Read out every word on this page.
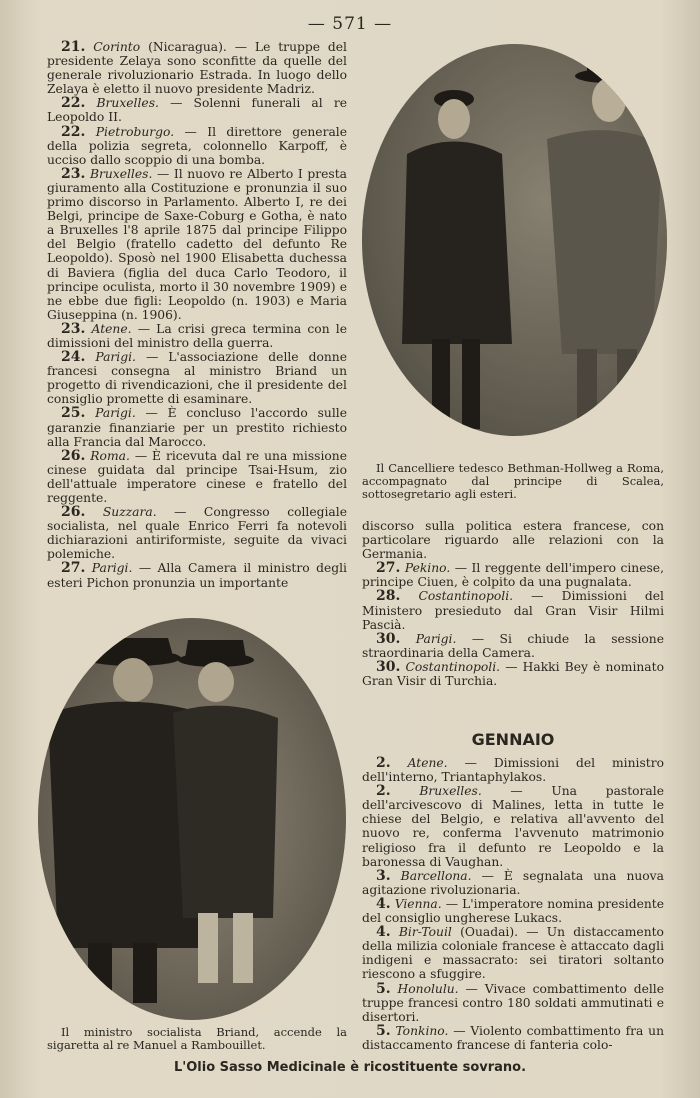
— 571 —

21. Corinto (Nicaragua). — Le truppe del presidente Zelaya sono sconfitte da quelle del generale rivoluzionario Estrada. In luogo dello Zelaya è eletto il nuovo presidente Madriz.

22. Bruxelles. — Solenni funerali al re Leopoldo II.

22. Pietroburgo. — Il direttore generale della polizia segreta, colonnello Karpoff, è ucciso dallo scoppio di una bomba.

23. Bruxelles. — Il nuovo re Alberto I presta giuramento alla Costituzione e pronunzia il suo primo discorso in Parlamento. Alberto I, re dei Belgi, principe de Saxe-Coburg e Gotha, è nato a Bruxelles l'8 aprile 1875 dal principe Filippo del Belgio (fratello cadetto del defunto Re Leopoldo). Sposò nel 1900 Elisabetta duchessa di Baviera (figlia del duca Carlo Teodoro, il principe oculista, morto il 30 novembre 1909) e ne ebbe due figli: Leopoldo (n. 1903) e Maria Giuseppina (n. 1906).

23. Atene. — La crisi greca termina con le dimissioni del ministro della guerra.

24. Parigi. — L'associazione delle donne francesi consegna al ministro Briand un progetto di rivendicazioni, che il presidente del consiglio promette di esaminare.

25. Parigi. — È concluso l'accordo sulle garanzie finanziarie per un prestito richiesto alla Francia dal Marocco.

26. Roma. — È ricevuta dal re una missione cinese guidata dal principe Tsai-Hsum, zio dell'attuale imperatore cinese e fratello del reggente.

26. Suzzara. — Congresso collegiale socialista, nel quale Enrico Ferri fa notevoli dichiarazioni antiriformiste, seguite da vivaci polemiche.

27. Parigi. — Alla Camera il ministro degli esteri Pichon pronunzia un importante

Il Cancelliere tedesco Bethman-Hollweg a Roma, accompagnato dal principe di Scalea, sottosegretario agli esteri.

discorso sulla politica estera francese, con particolare riguardo alle relazioni con la Germania.

27. Pekino. — Il reggente dell'impero cinese, principe Ciuen, è colpito da una pugnalata.

28. Costantinopoli. — Dimissioni del Ministero presieduto dal Gran Visir Hilmi Pascià.

30. Parigi. — Si chiude la sessione straordinaria della Camera.

30. Costantinopoli. — Hakki Bey è nominato Gran Visir di Turchia.

GENNAIO

2. Atene. — Dimissioni del ministro dell'interno, Triantaphylakos.

2. Bruxelles. — Una pastorale dell'arcivescovo di Malines, letta in tutte le chiese del Belgio, e relativa all'avvento del nuovo re, conferma l'avvenuto matrimonio religioso fra il defunto re Leopoldo e la baronessa di Vaughan.

3. Barcellona. — È segnalata una nuova agitazione rivoluzionaria.

4. Vienna. — L'imperatore nomina presidente del consiglio ungherese Lukacs.

4. Bir-Touil (Ouadai). — Un distaccamento della milizia coloniale francese è attaccato dagli indigeni e massacrato: sei tiratori soltanto riescono a sfuggire.

5. Honolulu. — Vivace combattimento delle truppe francesi contro 180 soldati ammutinati e disertori.

5. Tonkino. — Violento combattimento fra un distaccamento francese di fanteria colo-

Il ministro socialista Briand, accende la sigaretta al re Manuel a Rambouillet.
L'Olio Sasso Medicinale è ricostituente sovrano.
